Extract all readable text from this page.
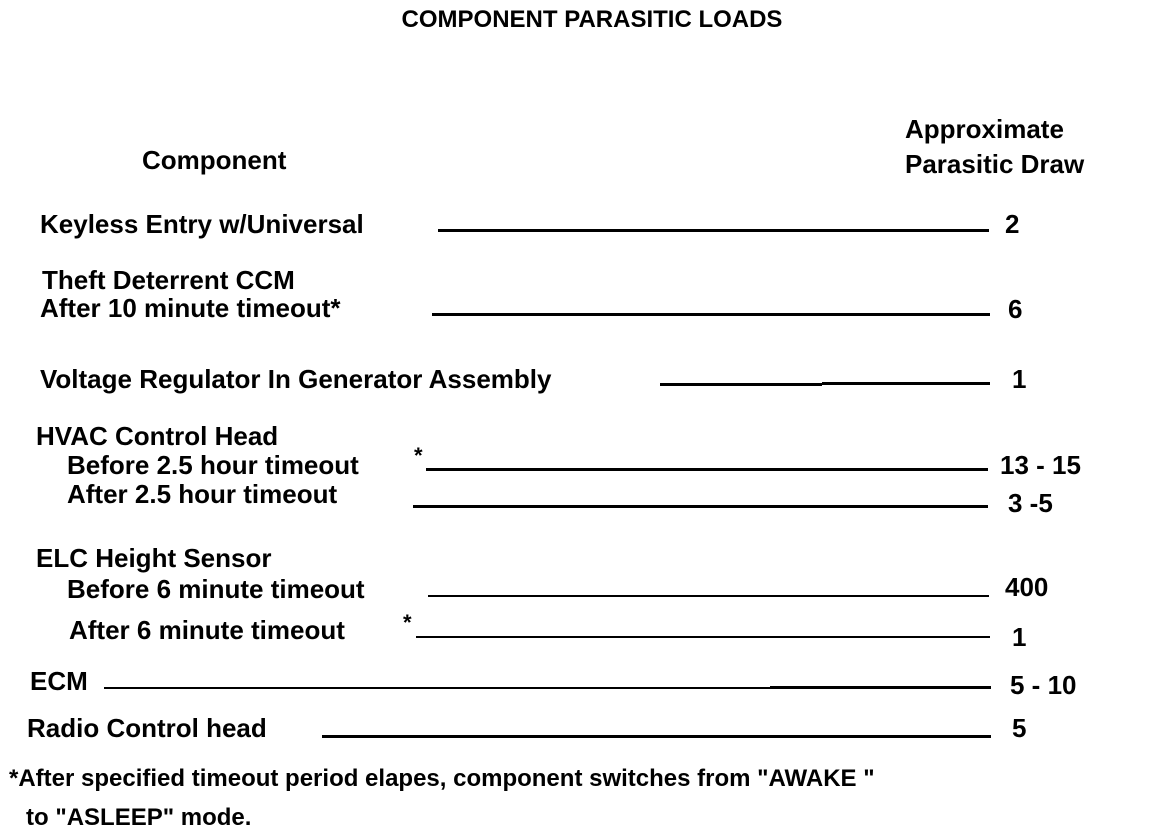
COMPONENT PARASITIC LOADS
Component
Approximate
Parasitic Draw
Keyless Entry w/Universal	2
Theft Deterrent CCM
After 10 minute timeout*	6
Voltage Regulator In Generator Assembly	1
HVAC Control Head
Before 2.5 hour timeout	*	13 - 15
After 2.5 hour timeout	3 -5
ELC Height Sensor
Before 6 minute timeout	400
After 6 minute timeout	*	1
ECM	5 - 10
Radio Control head	5
*After specified timeout period elapes, component switches from "AWAKE "
to "ASLEEP" mode.
